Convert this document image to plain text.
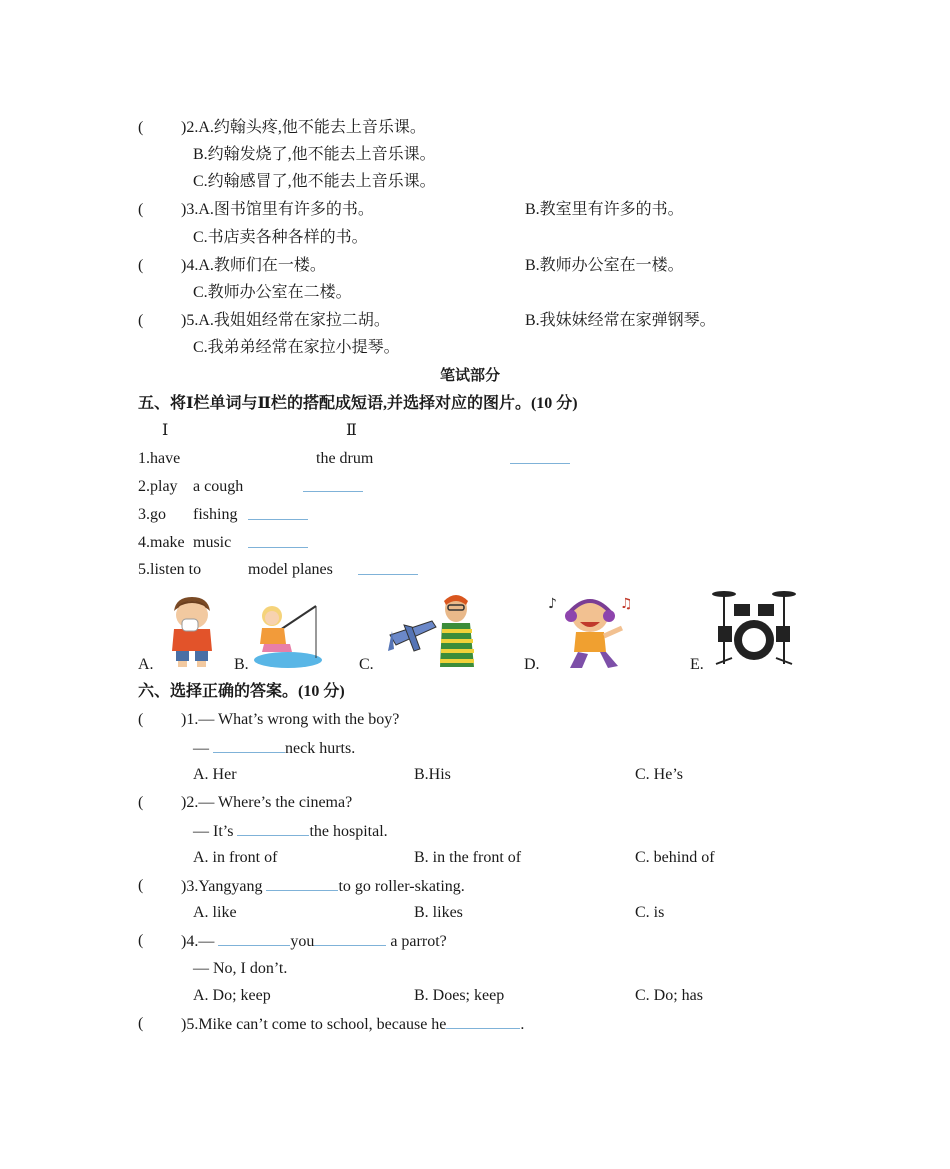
( )2.A.约翰头疼,他不能去上音乐课。
B.约翰发烧了,他不能去上音乐课。
C.约翰感冒了,他不能去上音乐课。
( )3.A.图书馆里有许多的书。	B.教室里有许多的书。
C.书店卖各种各样的书。
( )4.A.教师们在一楼。	B.教师办公室在一楼。
C.教师办公室在二楼。
( )5.A.我姐姐经常在家拉二胡。	B.我妹妹经常在家弹钢琴。
C.我弟弟经常在家拉小提琴。
笔试部分
五、将Ⅰ栏单词与Ⅱ栏的搭配成短语,并选择对应的图片。(10 分)
Ⅰ	Ⅱ
1.have	the drum
2.play a cough
3.go fishing
4.make music
5.listen to	model planes
A.	B.	C.	D.	E.
♪	♫
六、选择正确的答案。(10 分)
( )1.— What’s wrong with the boy?
—	neck hurts.
A. Her	B.His	C. He’s
( )2.— Where’s the cinema?
— It’s	the hospital.
A. in front of	B. in the front of	C. behind of
( )3.Yangyang	to go roller-skating.
A. like	B. likes	C. is
( )4.—	you	a parrot?
— No, I don’t.
A. Do; keep	B. Does; keep	C. Do; has
( )5.Mike can’t come to school, because he	.
